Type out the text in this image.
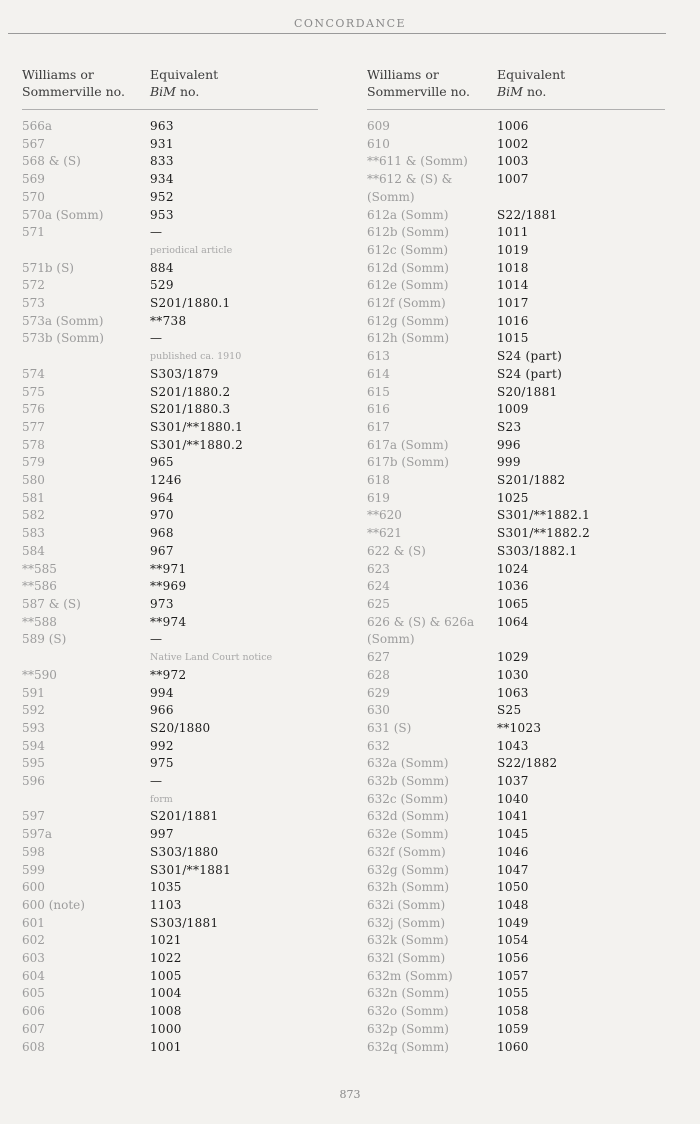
CONCORDANCE
Williams or
Sommerville no.
Equivalent
BiM no.
566a	963
567	931
568 & (S)	833
569	934
570	952
570a (Somm)	953
571	—
periodical article
571b (S)	884
572	529
573	S201/1880.1
573a (Somm)	**738
573b (Somm)	—
published ca. 1910
574	S303/1879
575	S201/1880.2
576	S201/1880.3
577	S301/**1880.1
578	S301/**1880.2
579	965
580	1246
581	964
582	970
583	968
584	967
**585	**971
**586	**969
587 & (S)	973
**588	**974
589 (S)	—
Native Land Court notice
**590	**972
591	994
592	966
593	S20/1880
594	992
595	975
596	—
form
597	S201/1881
597a	997
598	S303/1880
599	S301/**1881
600	1035
600 (note)	1103
601	S303/1881
602	1021
603	1022
604	1005
605	1004
606	1008
607	1000
608	1001
Williams or
Sommerville no.
Equivalent
BiM no.
609	1006
610	1002
**611 & (Somm)	1003
**612 & (S) &	1007
(Somm)
612a (Somm)	S22/1881
612b (Somm)	1011
612c (Somm)	1019
612d (Somm)	1018
612e (Somm)	1014
612f (Somm)	1017
612g (Somm)	1016
612h (Somm)	1015
613	S24 (part)
614	S24 (part)
615	S20/1881
616	1009
617	S23
617a (Somm)	996
617b (Somm)	999
618	S201/1882
619	1025
**620	S301/**1882.1
**621	S301/**1882.2
622 & (S)	S303/1882.1
623	1024
624	1036
625	1065
626 & (S) & 626a	1064
(Somm)
627	1029
628	1030
629	1063
630	S25
631 (S)	**1023
632	1043
632a (Somm)	S22/1882
632b (Somm)	1037
632c (Somm)	1040
632d (Somm)	1041
632e (Somm)	1045
632f (Somm)	1046
632g (Somm)	1047
632h (Somm)	1050
632i (Somm)	1048
632j (Somm)	1049
632k (Somm)	1054
632l (Somm)	1056
632m (Somm)	1057
632n (Somm)	1055
632o (Somm)	1058
632p (Somm)	1059
632q (Somm)	1060
873
